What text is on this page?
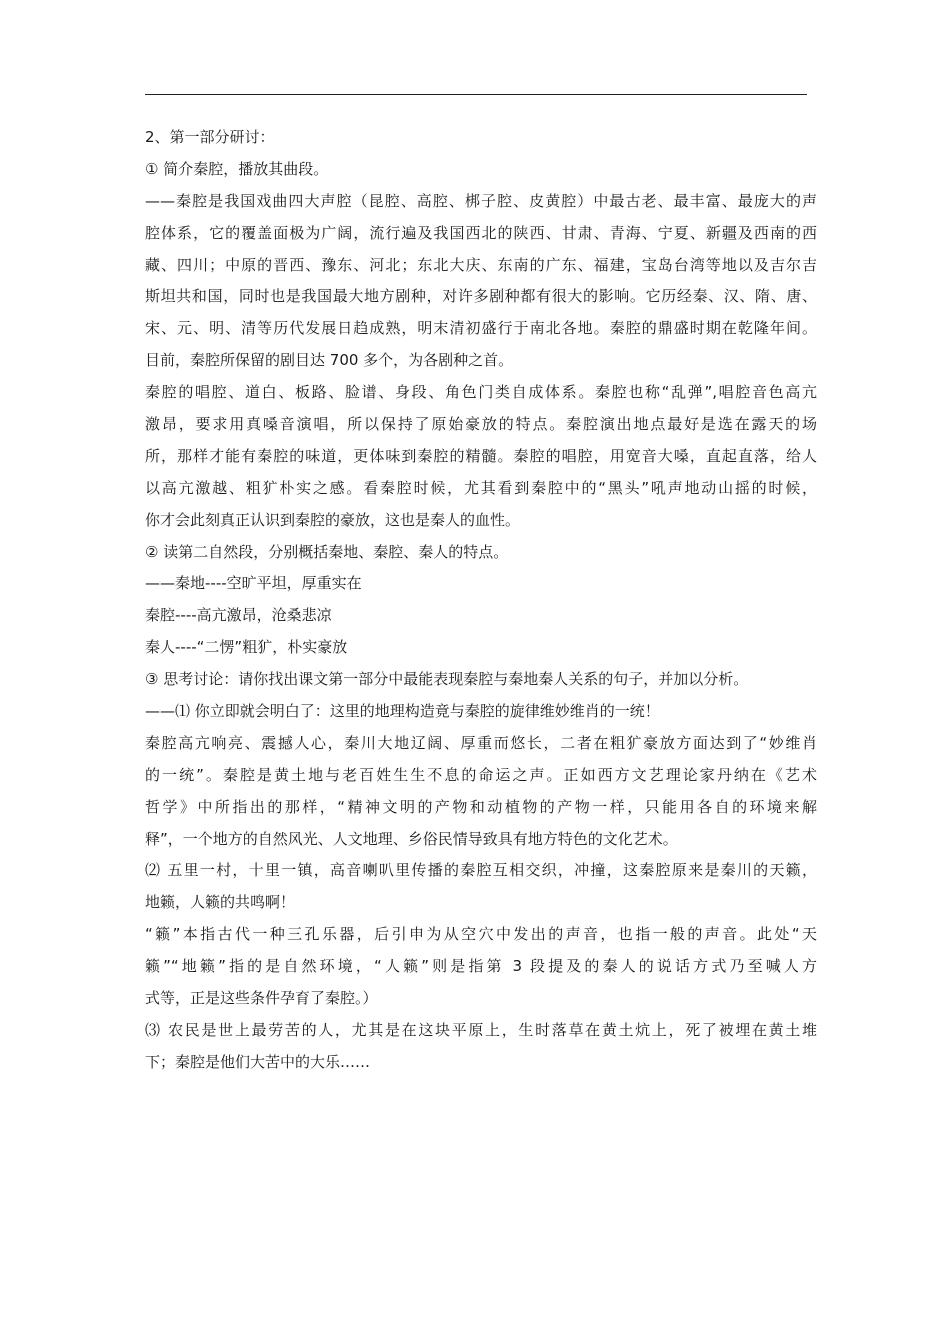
2、第一部分研讨：
① 简介秦腔，播放其曲段。
——秦腔是我国戏曲四大声腔（昆腔、高腔、梆子腔、皮黄腔）中最古老、最丰富、最庞大的声
腔体系，它的覆盖面极为广阔，流行遍及我国西北的陕西、甘肃、青海、宁夏、新疆及西南的西
藏、四川；中原的晋西、豫东、河北；东北大庆、东南的广东、福建，宝岛台湾等地以及吉尔吉
斯坦共和国，同时也是我国最大地方剧种，对许多剧种都有很大的影响。它历经秦、汉、隋、唐、
宋、元、明、清等历代发展日趋成熟，明末清初盛行于南北各地。秦腔的鼎盛时期在乾隆年间。
目前，秦腔所保留的剧目达 700 多个，为各剧种之首。
秦腔的唱腔、道白、板路、脸谱、身段、角色门类自成体系。秦腔也称“乱弹”,唱腔音色高亢
激昂，要求用真嗓音演唱，所以保持了原始豪放的特点。秦腔演出地点最好是选在露天的场
所，那样才能有秦腔的味道，更体味到秦腔的精髓。秦腔的唱腔，用宽音大嗓，直起直落，给人
以高亢激越、粗犷朴实之感。看秦腔时候，尤其看到秦腔中的“黑头”吼声地动山摇的时候，
你才会此刻真正认识到秦腔的豪放，这也是秦人的血性。
② 读第二自然段，分别概括秦地、秦腔、秦人的特点。
——秦地----空旷平坦，厚重实在
秦腔----高亢激昂，沧桑悲凉
秦人----“二愣”粗犷，朴实豪放
③ 思考讨论：请你找出课文第一部分中最能表现秦腔与秦地秦人关系的句子，并加以分析。
——⑴ 你立即就会明白了：这里的地理构造竟与秦腔的旋律维妙维肖的一统！
秦腔高亢响亮、震撼人心，秦川大地辽阔、厚重而悠长，二者在粗犷豪放方面达到了“妙维肖
的一统”。秦腔是黄土地与老百姓生生不息的命运之声。正如西方文艺理论家丹纳在《艺术
哲学》中所指出的那样，“精神文明的产物和动植物的产物一样，只能用各自的环境来解
释”，一个地方的自然风光、人文地理、乡俗民情导致具有地方特色的文化艺术。
⑵ 五里一村，十里一镇，高音喇叭里传播的秦腔互相交织，冲撞，这秦腔原来是秦川的天籁，
地籁，人籁的共鸣啊！
“籁”本指古代一种三孔乐器，后引申为从空穴中发出的声音，也指一般的声音。此处“天
籁”“地籁”指的是自然环境，“人籁”则是指第 3 段提及的秦人的说话方式乃至喊人方
式等，正是这些条件孕育了秦腔。）
⑶ 农民是世上最劳苦的人，尤其是在这块平原上，生时落草在黄土炕上，死了被埋在黄土堆
下；秦腔是他们大苦中的大乐……
